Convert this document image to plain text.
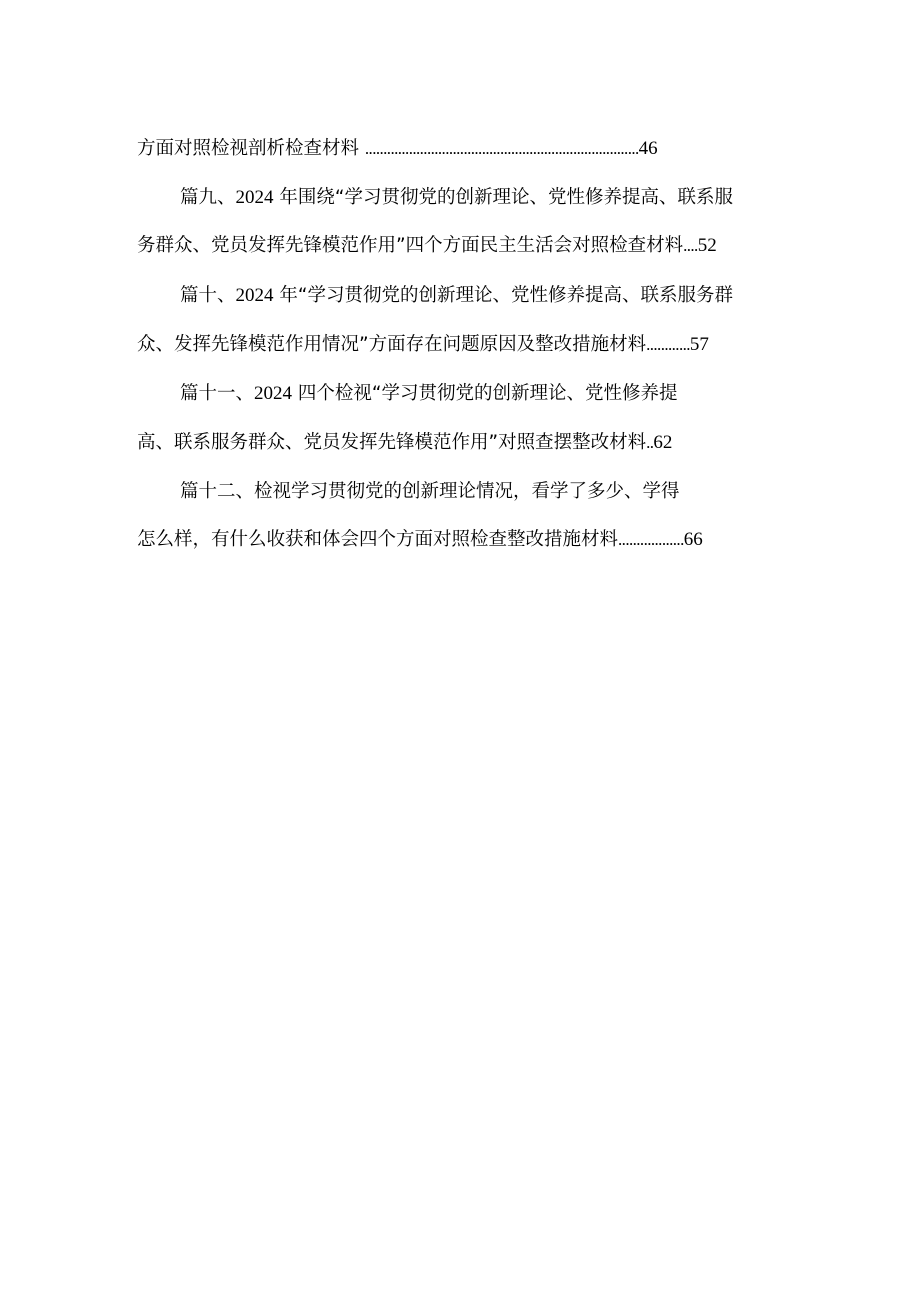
方面对照检视剖析检查材料 ...........................................................................46
篇九、2024 年围绕“学习贯彻党的创新理论、党性修养提高、联系服
务群众、党员发挥先锋模范作用”四个方面民主生活会对照检查材料....52
篇十、2024 年“学习贯彻党的创新理论、党性修养提高、联系服务群
众、发挥先锋模范作用情况”方面存在问题原因及整改措施材料............57
篇十一、2024 四个检视“学习贯彻党的创新理论、党性修养提
高、联系服务群众、党员发挥先锋模范作用”对照查摆整改材料..62
篇十二、检视学习贯彻党的创新理论情况，看学了多少、学得
怎么样，有什么收获和体会四个方面对照检查整改措施材料..................66
